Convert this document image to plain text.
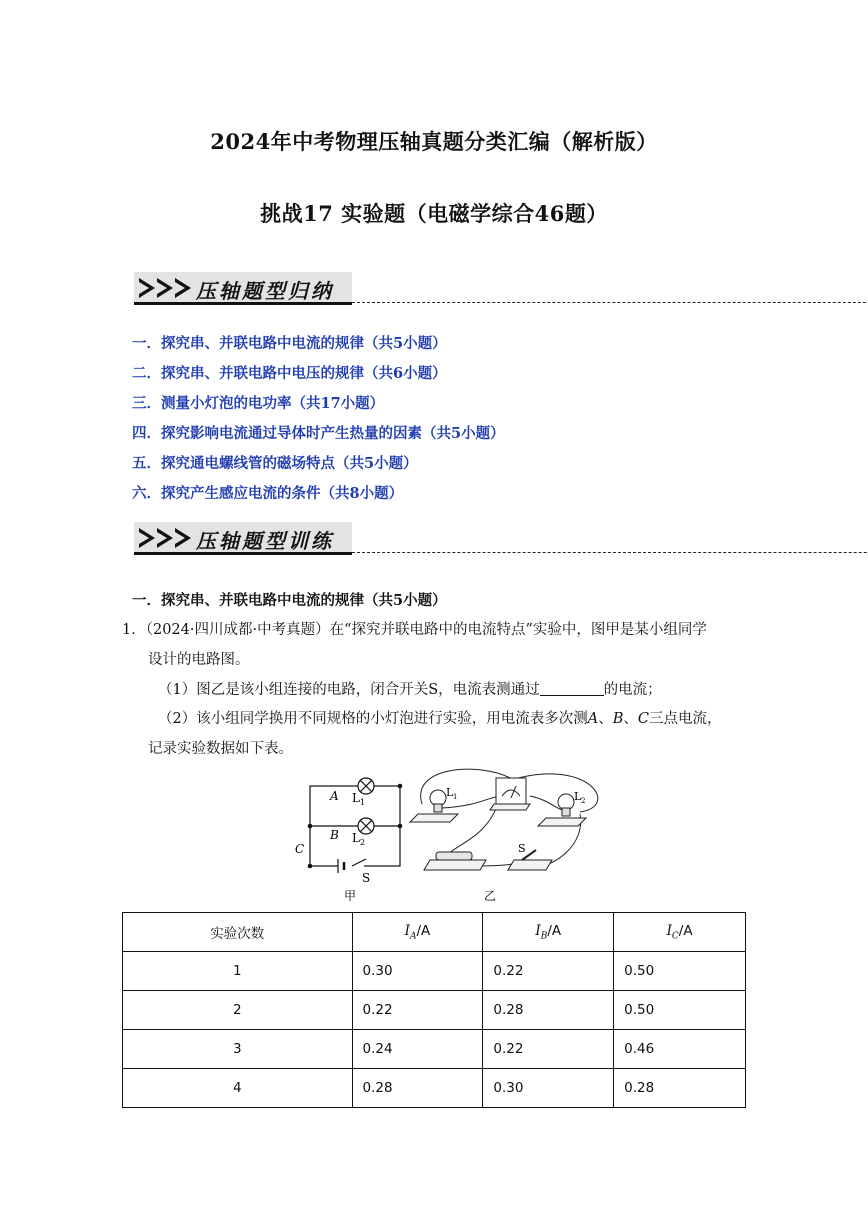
2024年中考物理压轴真题分类汇编（解析版）
挑战17 实验题（电磁学综合46题）
压轴题型归纳
一．探究串、并联电路中电流的规律（共5小题）
二．探究串、并联电路中电压的规律（共6小题）
三．测量小灯泡的电功率（共17小题）
四．探究影响电流通过导体时产生热量的因素（共5小题）
五．探究通电螺线管的磁场特点（共5小题）
六．探究产生感应电流的条件（共8小题）
压轴题型训练
一．探究串、并联电路中电流的规律（共5小题）
1．（2024·四川成都·中考真题）在“探究并联电路中的电流特点”实验中，图甲是某小组同学
设计的电路图。
（1）图乙是该小组连接的电路，闭合开关S，电流表测通过	的电流；
（2）该小组同学换用不同规格的小灯泡进行实验，用电流表多次测A、B、C三点电流，
记录实验数据如下表。
A
B
C
L 1
L 2
S
甲
L 1	L 2
S
乙
实验次数	$I_A/A$	$I_B/A$	$I_C/A$
1	0.30	0.22	0.50
2	0.22	0.28	0.50
3	0.24	0.22	0.46
4	0.28	0.30	0.28
